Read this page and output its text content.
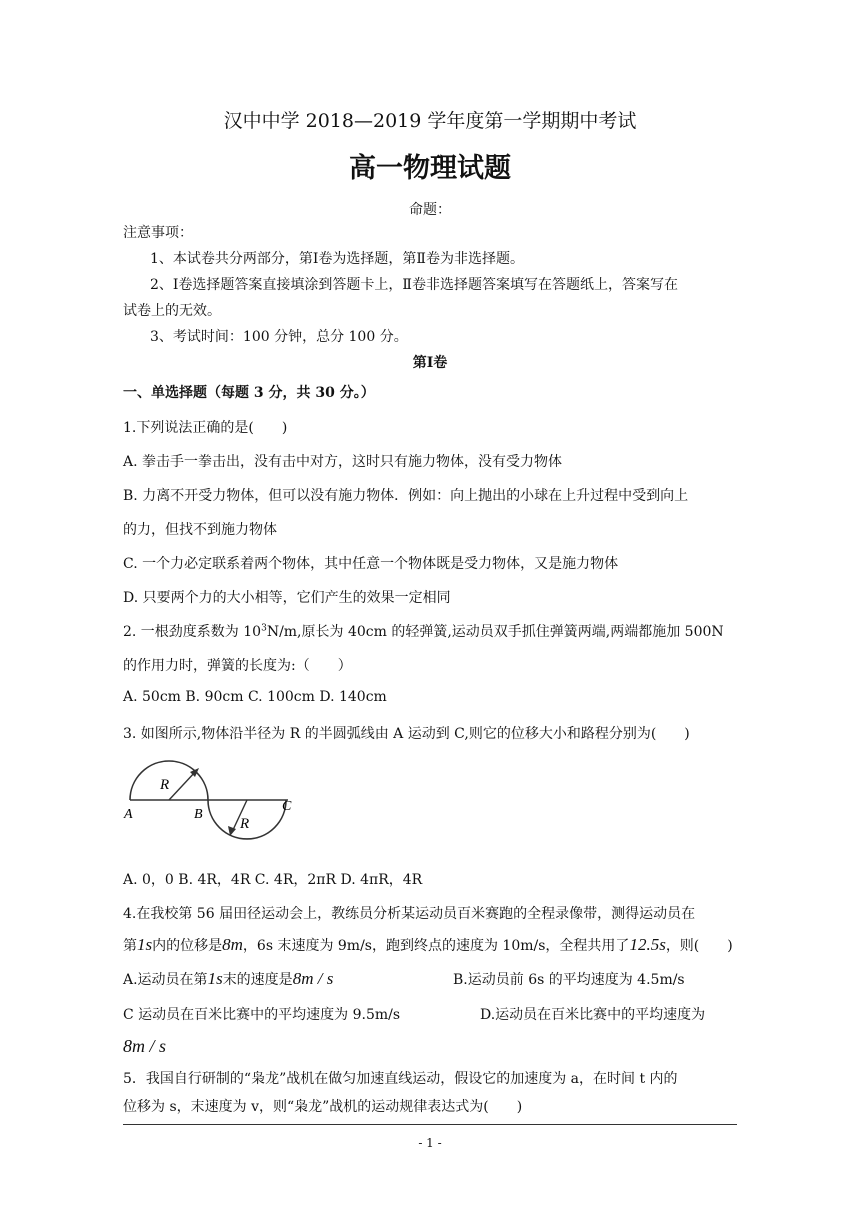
汉中中学 2018—2019 学年度第一学期期中考试
高一物理试题
命题：
注意事项：
1、本试卷共分两部分，第Ⅰ卷为选择题，第Ⅱ卷为非选择题。
2、Ⅰ卷选择题答案直接填涂到答题卡上，Ⅱ卷非选择题答案填写在答题纸上，答案写在
试卷上的无效。
3、考试时间：100 分钟，总分 100 分。
第Ⅰ卷
一、单选择题（每题 3 分，共 30 分。）
1.下列说法正确的是(　　)
A. 拳击手一拳击出，没有击中对方，这时只有施力物体，没有受力物体
B. 力离不开受力物体，但可以没有施力物体．例如：向上抛出的小球在上升过程中受到向上
的力，但找不到施力物体
C. 一个力必定联系着两个物体，其中任意一个物体既是受力物体，又是施力物体
D. 只要两个力的大小相等，它们产生的效果一定相同
2. 一根劲度系数为 $10^3N/m$,原长为 40cm 的轻弹簧,运动员双手抓住弹簧两端,两端都施加 500N
的作用力时，弹簧的长度为:（　　）
A. 50cm B. 90cm C. 100cm D. 140cm
3. 如图所示,物体沿半径为 R 的半圆弧线由 A 运动到 C,则它的位移大小和路程分别为(　　)
R
R
A	B
C
A. 0，0 B. 4R，4R C. 4R，2πR D. 4πR，4R
4.在我校第 56 届田径运动会上，教练员分析某运动员百米赛跑的全程录像带，测得运动员在
第1s内的位移是8m，6s 末速度为 9m/s，跑到终点的速度为 10m/s，全程共用了12.5s，则(　　)
A.运动员在第1s末的速度是8m / s	B.运动员前 6s 的平均速度为 4.5m/s
C 运动员在百米比赛中的平均速度为 9.5m/s	D.运动员在百米比赛中的平均速度为
8m / s
5．我国自行研制的“枭龙”战机在做匀加速直线运动，假设它的加速度为 a，在时间 t 内的
位移为 s，末速度为 v，则“枭龙”战机的运动规律表达式为(　　)
- 1 -
